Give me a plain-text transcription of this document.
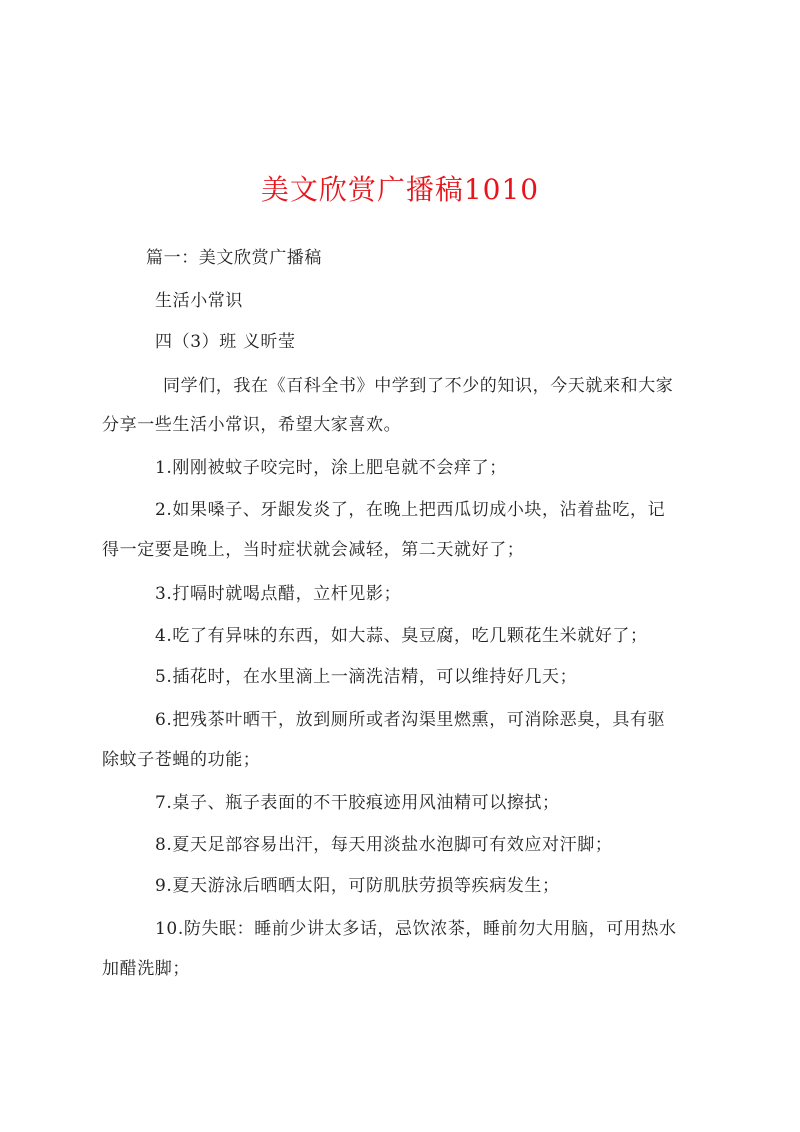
美文欣赏广播稿1010
篇一：美文欣赏广播稿
生活小常识
四（3）班 义昕莹
同学们，我在《百科全书》中学到了不少的知识，今天就来和大家
分享一些生活小常识，希望大家喜欢。
1.刚刚被蚊子咬完时，涂上肥皂就不会痒了；
2.如果嗓子、牙龈发炎了，在晚上把西瓜切成小块，沾着盐吃，记
得一定要是晚上，当时症状就会减轻，第二天就好了；
3.打嗝时就喝点醋，立杆见影；
4.吃了有异味的东西，如大蒜、臭豆腐，吃几颗花生米就好了；
5.插花时，在水里滴上一滴洗洁精，可以维持好几天；
6.把残茶叶晒干，放到厕所或者沟渠里燃熏，可消除恶臭，具有驱
除蚊子苍蝇的功能；
7.桌子、瓶子表面的不干胶痕迹用风油精可以擦拭；
8.夏天足部容易出汗，每天用淡盐水泡脚可有效应对汗脚；
9.夏天游泳后晒晒太阳，可防肌肤劳损等疾病发生；
10.防失眠：睡前少讲太多话，忌饮浓茶，睡前勿大用脑，可用热水
加醋洗脚；
